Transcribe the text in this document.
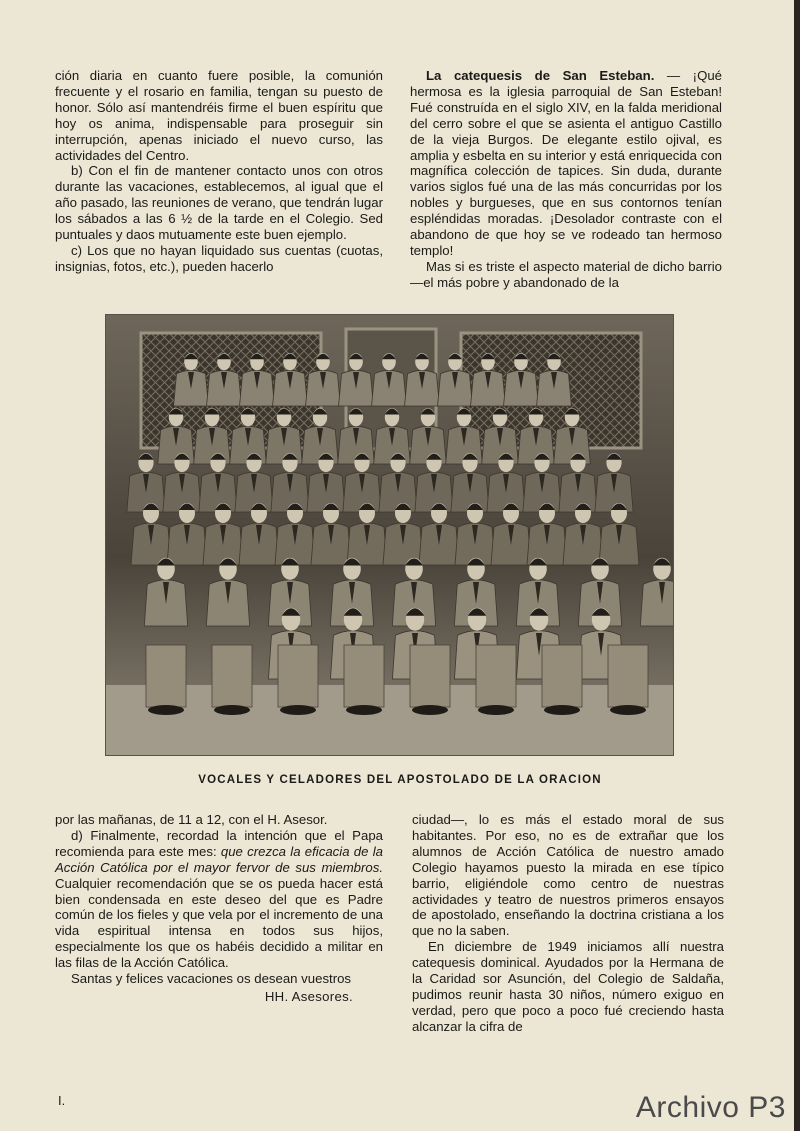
ción diaria en cuanto fuere posible, la comunión frecuente y el rosario en familia, tengan su puesto de honor. Sólo así mantendréis firme el buen espíritu que hoy os anima, indispensable para proseguir sin interrupción, apenas iniciado el nuevo curso, las actividades del Centro.

b) Con el fin de mantener contacto unos con otros durante las vacaciones, establecemos, al igual que el año pasado, las reuniones de verano, que tendrán lugar los sábados a las 6 ½ de la tarde en el Colegio. Sed puntuales y daos mutuamente este buen ejemplo.

c) Los que no hayan liquidado sus cuentas (cuotas, insignias, fotos, etc.), pueden hacerlo

La catequesis de San Esteban. — ¡Qué hermosa es la iglesia parroquial de San Esteban! Fué construída en el siglo XIV, en la falda meridional del cerro sobre el que se asienta el antiguo Castillo de la vieja Burgos. De elegante estilo ojival, es amplia y esbelta en su interior y está enriquecida con magnífica colección de tapices. Sin duda, durante varios siglos fué una de las más concurridas por los nobles y burgueses, que en sus contornos tenían espléndidas moradas. ¡Desolador contraste con el abandono de que hoy se ve rodeado tan hermoso templo!

Mas si es triste el aspecto material de dicho barrio —el más pobre y abandonado de la

VOCALES Y CELADORES DEL APOSTOLADO DE LA ORACION

por las mañanas, de 11 a 12, con el H. Asesor.

d) Finalmente, recordad la intención que el Papa recomienda para este mes: que crezca la eficacia de la Acción Católica por el mayor fervor de sus miembros. Cualquier recomendación que se os pueda hacer está bien condensada en este deseo del que es Padre común de los fieles y que vela por el incremento de una vida espiritual intensa en todos sus hijos, especialmente los que os habéis decidido a militar en las filas de la Acción Católica.

Santas y felices vacaciones os desean vuestros

HH. Asesores.

ciudad—, lo es más el estado moral de sus habitantes. Por eso, no es de extrañar que los alumnos de Acción Católica de nuestro amado Colegio hayamos puesto la mirada en ese típico barrio, eligiéndole como centro de nuestras actividades y teatro de nuestros primeros ensayos de apostolado, enseñando la doctrina cristiana a los que no la saben.

En diciembre de 1949 iniciamos allí nuestra catequesis dominical. Ayudados por la Hermana de la Caridad sor Asunción, del Colegio de Saldaña, pudimos reunir hasta 30 niños, número exiguo en verdad, pero que poco a poco fué creciendo hasta alcanzar la cifra de

I.	Archivo P3
